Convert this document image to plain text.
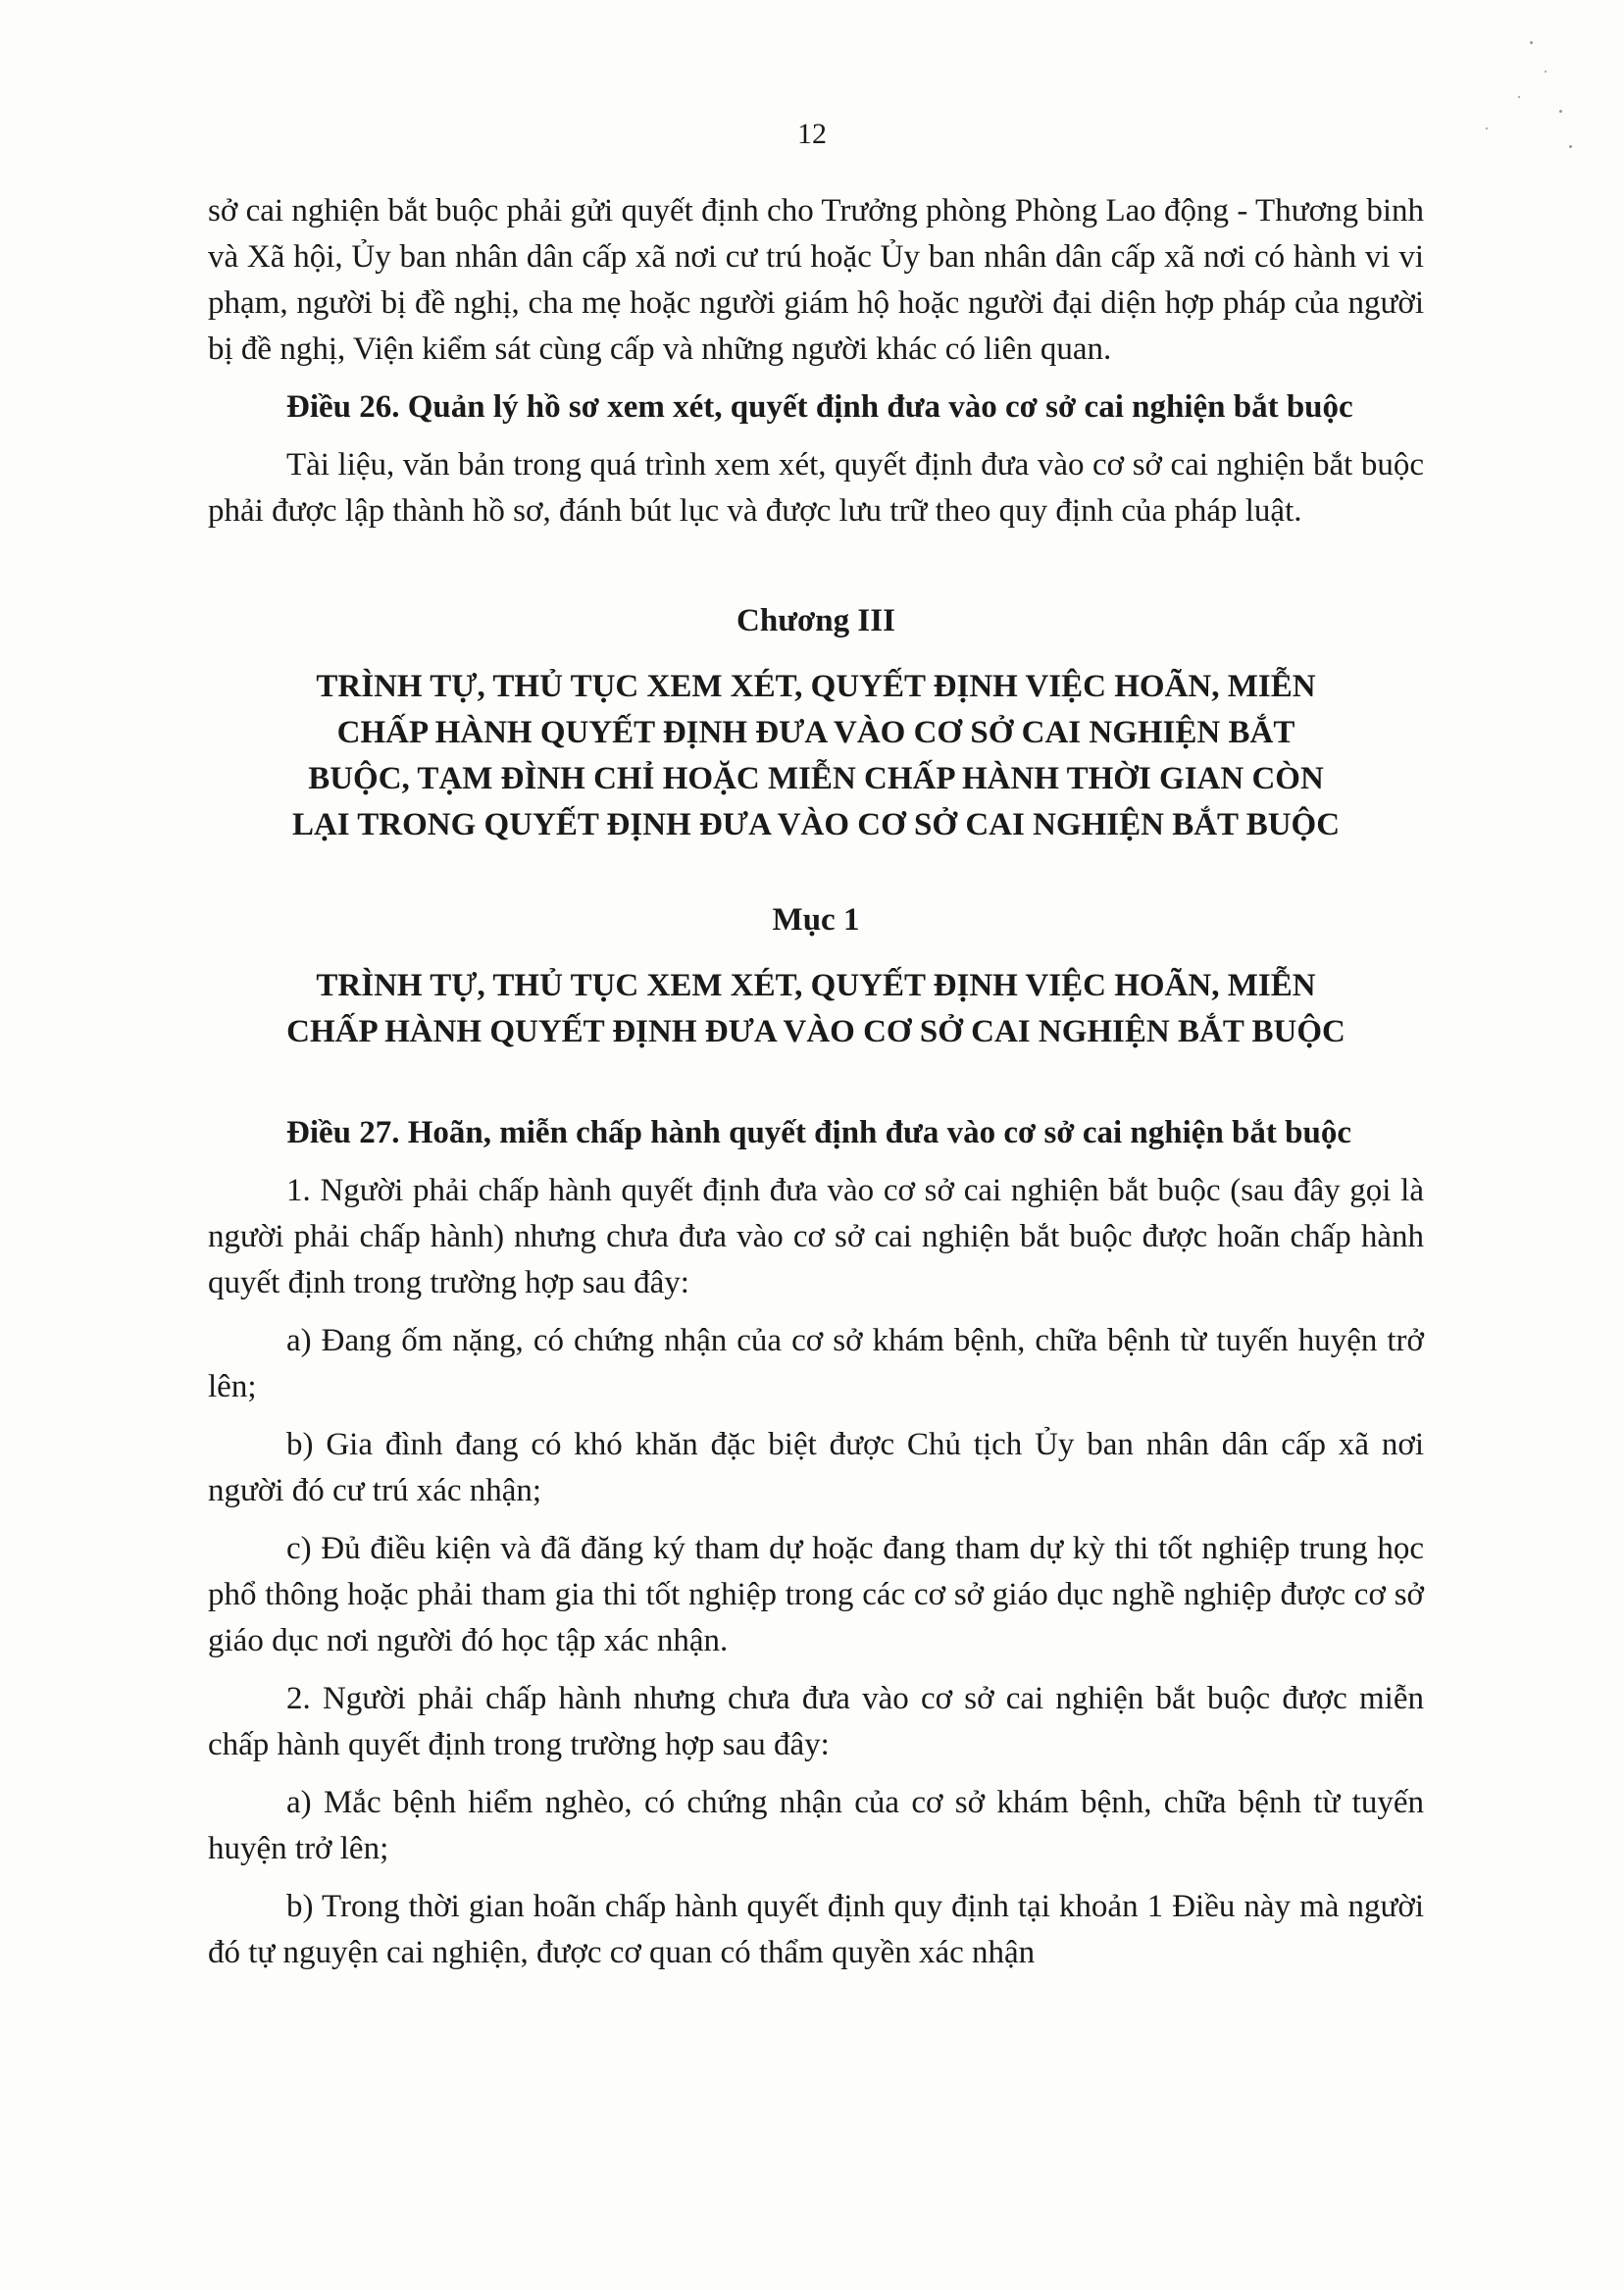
12

sở cai nghiện bắt buộc phải gửi quyết định cho Trưởng phòng Phòng Lao động - Thương binh và Xã hội, Ủy ban nhân dân cấp xã nơi cư trú hoặc Ủy ban nhân dân cấp xã nơi có hành vi vi phạm, người bị đề nghị, cha mẹ hoặc người giám hộ hoặc người đại diện hợp pháp của người bị đề nghị, Viện kiểm sát cùng cấp và những người khác có liên quan.

Điều 26. Quản lý hồ sơ xem xét, quyết định đưa vào cơ sở cai nghiện bắt buộc

Tài liệu, văn bản trong quá trình xem xét, quyết định đưa vào cơ sở cai nghiện bắt buộc phải được lập thành hồ sơ, đánh bút lục và được lưu trữ theo quy định của pháp luật.

Chương III

TRÌNH TỰ, THỦ TỤC XEM XÉT, QUYẾT ĐỊNH VIỆC HOÃN, MIỄN
CHẤP HÀNH QUYẾT ĐỊNH ĐƯA VÀO CƠ SỞ CAI NGHIỆN BẮT
BUỘC, TẠM ĐÌNH CHỈ HOẶC MIỄN CHẤP HÀNH THỜI GIAN CÒN
LẠI TRONG QUYẾT ĐỊNH ĐƯA VÀO CƠ SỞ CAI NGHIỆN BẮT BUỘC

Mục 1

TRÌNH TỰ, THỦ TỤC XEM XÉT, QUYẾT ĐỊNH VIỆC HOÃN, MIỄN
CHẤP HÀNH QUYẾT ĐỊNH ĐƯA VÀO CƠ SỞ CAI NGHIỆN BẮT BUỘC

Điều 27. Hoãn, miễn chấp hành quyết định đưa vào cơ sở cai nghiện bắt buộc

1. Người phải chấp hành quyết định đưa vào cơ sở cai nghiện bắt buộc (sau đây gọi là người phải chấp hành) nhưng chưa đưa vào cơ sở cai nghiện bắt buộc được hoãn chấp hành quyết định trong trường hợp sau đây:

a) Đang ốm nặng, có chứng nhận của cơ sở khám bệnh, chữa bệnh từ tuyến huyện trở lên;

b) Gia đình đang có khó khăn đặc biệt được Chủ tịch Ủy ban nhân dân cấp xã nơi người đó cư trú xác nhận;

c) Đủ điều kiện và đã đăng ký tham dự hoặc đang tham dự kỳ thi tốt nghiệp trung học phổ thông hoặc phải tham gia thi tốt nghiệp trong các cơ sở giáo dục nghề nghiệp được cơ sở giáo dục nơi người đó học tập xác nhận.

2. Người phải chấp hành nhưng chưa đưa vào cơ sở cai nghiện bắt buộc được miễn chấp hành quyết định trong trường hợp sau đây:

a) Mắc bệnh hiểm nghèo, có chứng nhận của cơ sở khám bệnh, chữa bệnh từ tuyến huyện trở lên;

b) Trong thời gian hoãn chấp hành quyết định quy định tại khoản 1 Điều này mà người đó tự nguyện cai nghiện, được cơ quan có thẩm quyền xác nhận
